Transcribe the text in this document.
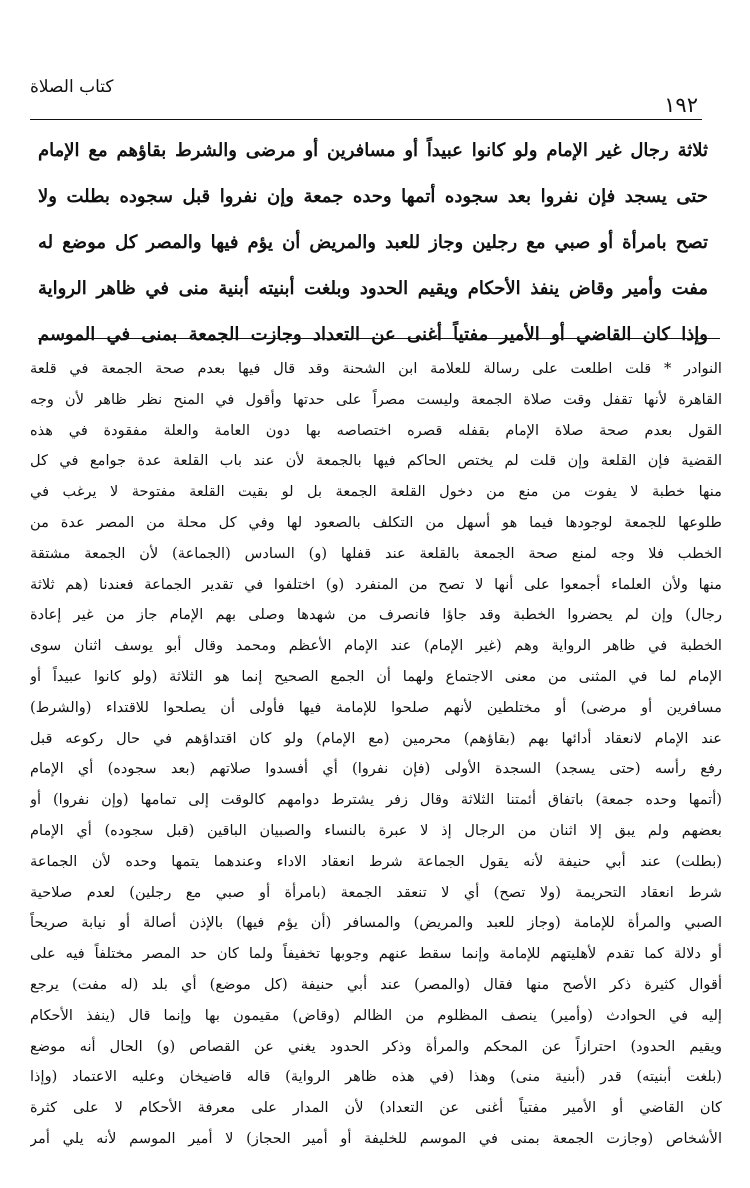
كتاب الصلاة
١٩٢
ثلاثة رجال غير الإمام ولو كانوا عبيداً أو مسافرين أو مرضى والشرط بقاؤهم مع الإمام
حتى يسجد فإن نفروا بعد سجوده أتمها وحده جمعة وإن نفروا قبل سجوده بطلت ولا
تصح بامرأة أو صبي مع رجلين وجاز للعبد والمريض أن يؤم فيها والمصر كل موضع له
مفت وأمير وقاض ينفذ الأحكام ويقيم الحدود وبلغت أبنيته أبنية منى في ظاهر الرواية
وإذا كان القاضي أو الأمير مفتياً أغنى عن التعداد وجازت الجمعة بمنى في الموسم
النوادر * قلت اطلعت على رسالة للعلامة ابن الشحنة وقد قال فيها بعدم صحة الجمعة في قلعة
القاهرة لأنها تقفل وقت صلاة الجمعة وليست مصراً على حدتها وأقول في المنح نظر ظاهر لأن وجه
القول بعدم صحة صلاة الإمام بقفله قصره اختصاصه بها دون العامة والعلة مفقودة في هذه
القضية فإن القلعة وإن قلت لم يختص الحاكم فيها بالجمعة لأن عند باب القلعة عدة جوامع في كل
منها خطبة لا يفوت من منع من دخول القلعة الجمعة بل لو بقيت القلعة مفتوحة لا يرغب في
طلوعها للجمعة لوجودها فيما هو أسهل من التكلف بالصعود لها وفي كل محلة من المصر عدة من
الخطب فلا وجه لمنع صحة الجمعة بالقلعة عند قفلها (و) السادس (الجماعة) لأن الجمعة مشتقة
منها ولأن العلماء أجمعوا على أنها لا تصح من المنفرد (و) اختلفوا في تقدير الجماعة فعندنا (هم ثلاثة
رجال) وإن لم يحضروا الخطبة وقد جاؤا فانصرف من شهدها وصلى بهم الإمام جاز من غير إعادة
الخطبة في ظاهر الرواية وهم (غير الإمام) عند الإمام الأعظم ومحمد وقال أبو يوسف اثنان سوى
الإمام لما في المثنى من معنى الاجتماع ولهما أن الجمع الصحيح إنما هو الثلاثة (ولو كانوا عبيداً أو
مسافرين أو مرضى) أو مختلطين لأنهم صلحوا للإمامة فيها فأولى أن يصلحوا للاقتداء (والشرط)
عند الإمام لانعقاد أدائها بهم (بقاؤهم) محرمين (مع الإمام) ولو كان اقتداؤهم في حال ركوعه قبل
رفع رأسه (حتى يسجد) السجدة الأولى (فإن نفروا) أي أفسدوا صلاتهم (بعد سجوده) أي الإمام
(أتمها وحده جمعة) باتفاق أئمتنا الثلاثة وقال زفر يشترط دوامهم كالوقت إلى تمامها (وإن نفروا) أو
بعضهم ولم يبق إلا اثنان من الرجال إذ لا عبرة بالنساء والصبيان الباقين (قبل سجوده) أي الإمام
(بطلت) عند أبي حنيفة لأنه يقول الجماعة شرط انعقاد الاداء وعندهما يتمها وحده لأن الجماعة
شرط انعقاد التحريمة (ولا تصح) أي لا تنعقد الجمعة (بامرأة أو صبي مع رجلين) لعدم صلاحية
الصبي والمرأة للإمامة (وجاز للعبد والمريض) والمسافر (أن يؤم فيها) بالإذن أصالة أو نيابة صريحاً
أو دلالة كما تقدم لأهليتهم للإمامة وإنما سقط عنهم وجوبها تخفيفاً ولما كان حد المصر مختلفاً فيه على
أقوال كثيرة ذكر الأصح منها فقال (والمصر) عند أبي حنيفة (كل موضع) أي بلد (له مفت) يرجع
إليه في الحوادث (وأمير) ينصف المظلوم من الظالم (وقاض) مقيمون بها وإنما قال (ينفذ الأحكام
ويقيم الحدود) احترازاً عن المحكم والمرأة وذكر الحدود يغني عن القصاص (و) الحال أنه موضع
(بلغت أبنيته) قدر (أبنية منى) وهذا (في هذه ظاهر الرواية) قاله قاضيخان وعليه الاعتماد (وإذا
كان القاضي أو الأمير مفتياً أغنى عن التعداد) لأن المدار على معرفة الأحكام لا على كثرة
الأشخاص (وجازت الجمعة بمنى في الموسم للخليفة أو أمير الحجاز) لا أمير الموسم لأنه يلي أمر
